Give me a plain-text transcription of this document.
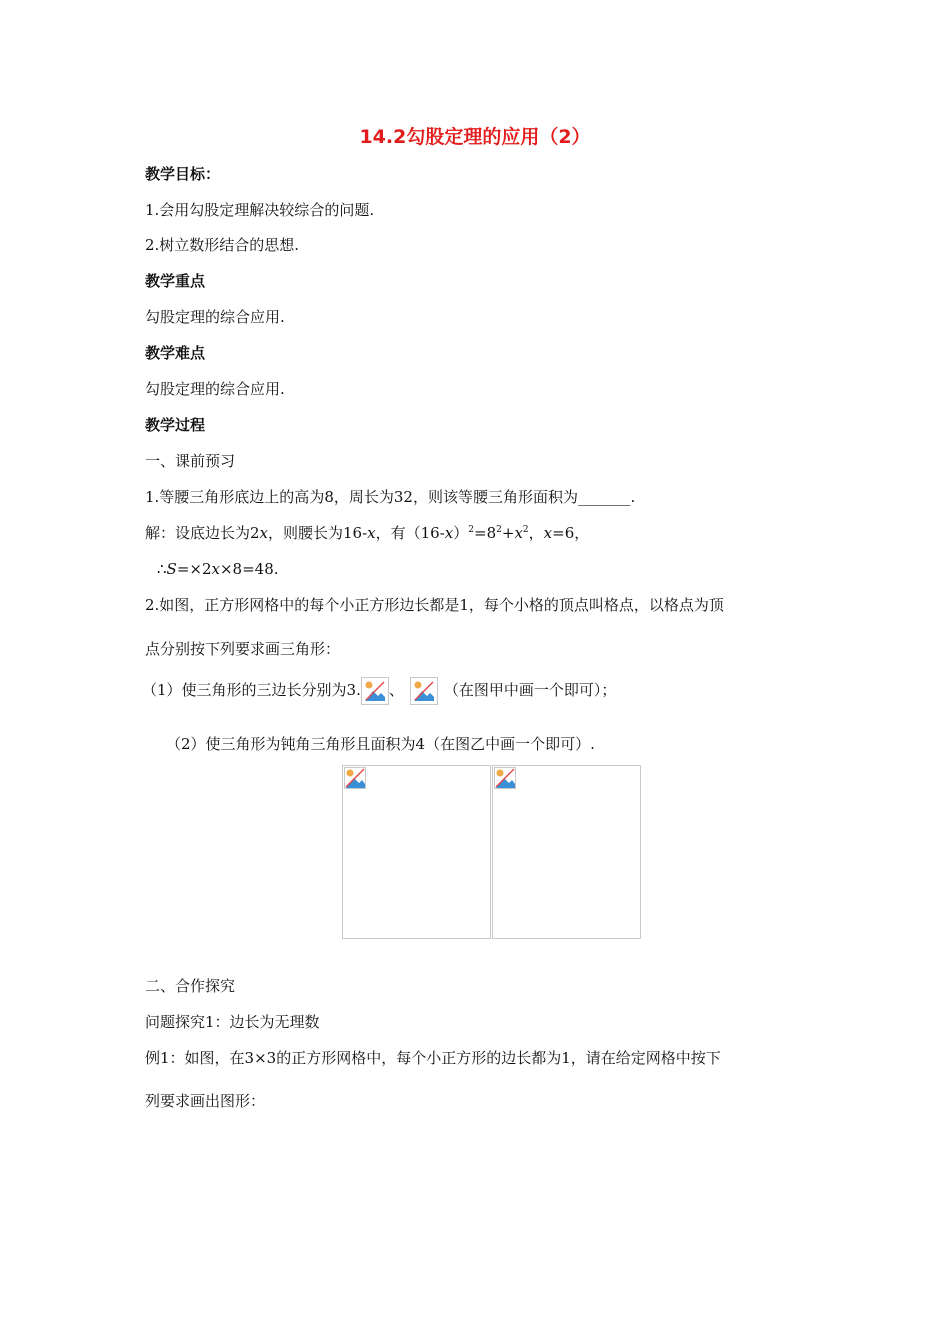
14.2勾股定理的应用（2）
教学目标：
1.会用勾股定理解决较综合的问题.
2.树立数形结合的思想.
教学重点
勾股定理的综合应用.
教学难点
勾股定理的综合应用.
教学过程
一、课前预习
1.等腰三角形底边上的高为8，周长为32，则该等腰三角形面积为_______.
解：设底边长为2x，则腰长为16-x，有$(16-x)^2=8^2+x^2$，x=6，
∴S=×2x×8=48.
2.如图，正方形网格中的每个小正方形边长都是1，每个小格的顶点叫格点，以格点为顶
点分别按下列要求画三角形：
（1）使三角形的三边长分别为3. 、	（在图甲中画一个即可）；
（2）使三角形为钝角三角形且面积为4（在图乙中画一个即可）.
二、合作探究
问题探究1：边长为无理数
例1：如图，在3×3的正方形网格中，每个小正方形的边长都为1，请在给定网格中按下
列要求画出图形：
